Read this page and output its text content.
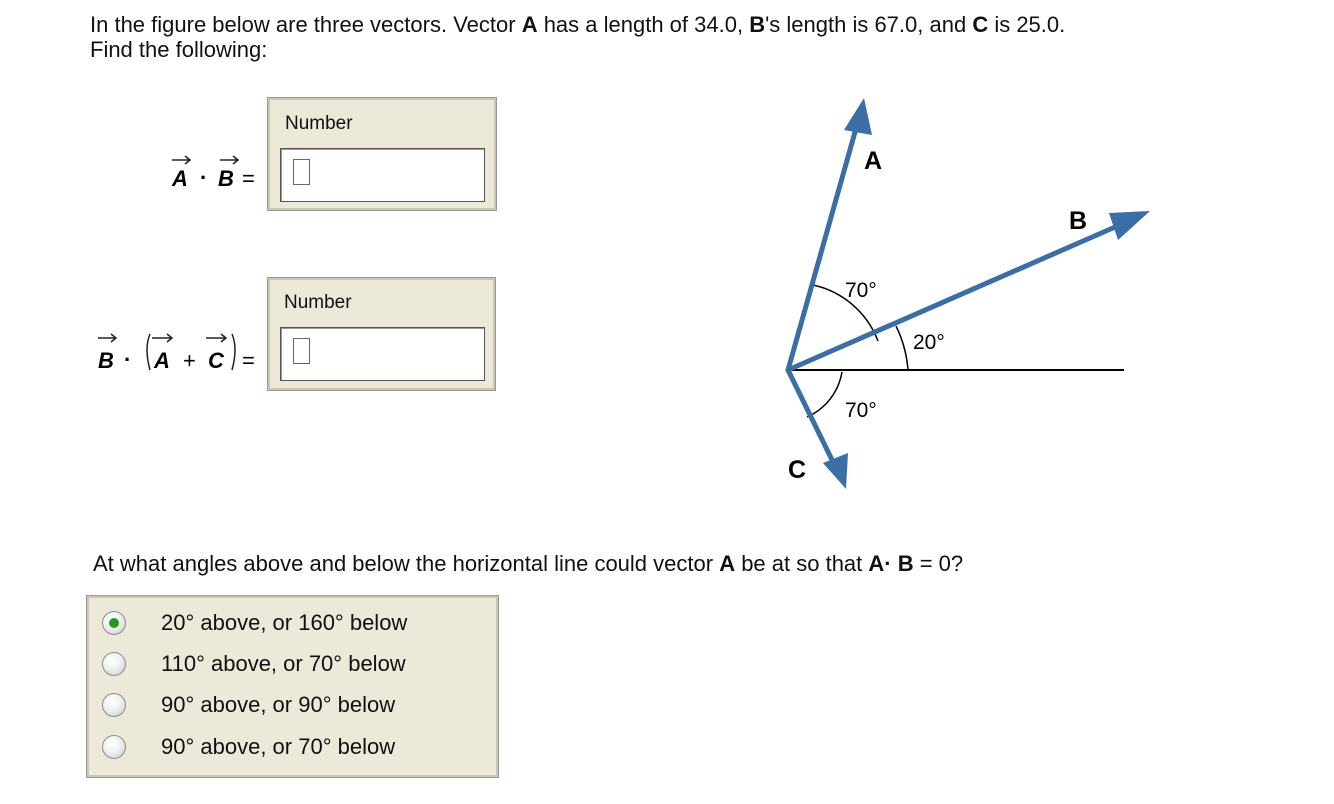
In the figure below are three vectors. Vector A has a length of 34.0, B's length is 67.0, and C is 25.0.
Find the following:
A · B =
Number
B · A + C =
Number
A
B
C
70°
20°
70°
At what angles above and below the horizontal line could vector A be at so that A· B = 0?
20° above, or 160° below
110° above, or 70° below
90° above, or 90° below
90° above, or 70° below
